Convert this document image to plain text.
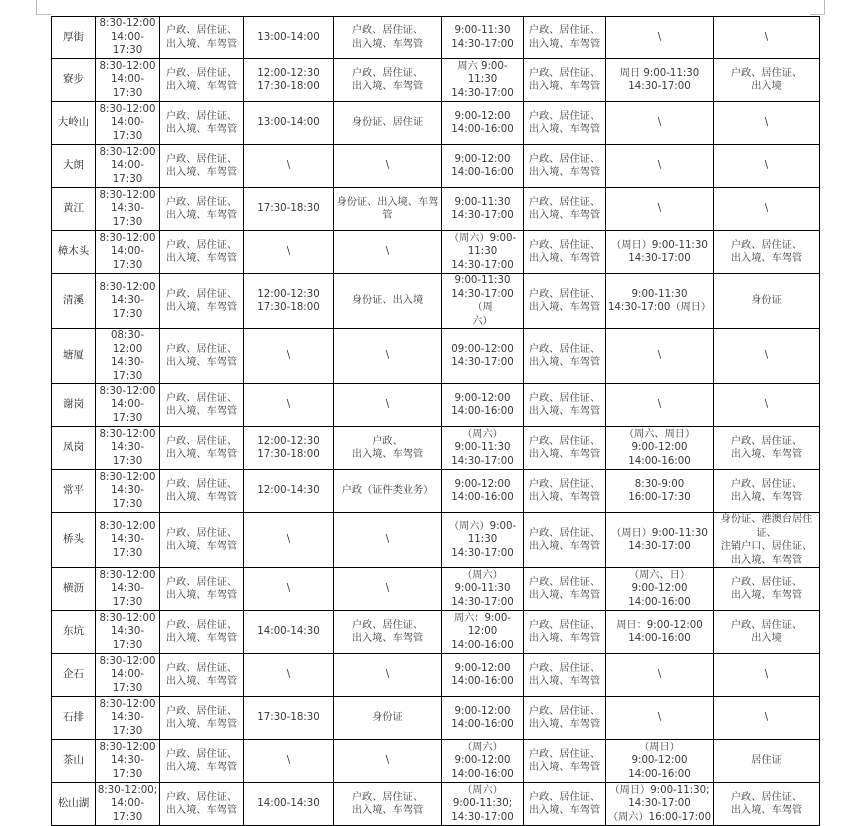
厚街	8:30-12:00
14:00-17:30	户政、居住证、
出入境、车驾管	13:00-14:00	户政、居住证、
出入境、车驾管	9:00-11:30
14:30-17:00	户政、居住证、
出入境、车驾管	\	\
寮步	8:30-12:00
14:00-17:30	户政、居住证、
出入境、车驾管	12:00-12:30
17:30-18:00	户政、居住证、
出入境、车驾管	周六 9:00-11:30
14:30-17:00	户政、居住证、
出入境、车驾管	周日 9:00-11:30
14:30-17:00	户政、居住证、
出入境
大岭山	8:30-12:00
14:00-17:30	户政、居住证、
出入境、车驾管	13:00-14:00	身份证、居住证	9:00-12:00
14:00-16:00	户政、居住证、
出入境、车驾管	\	\
大朗	8:30-12:00
14:00-17:30	户政、居住证、
出入境、车驾管	\	\	9:00-12:00
14:00-16:00	户政、居住证、
出入境、车驾管	\	\
黄江	8:30-12:00
14:30-17:30	户政、居住证、
出入境、车驾管	17:30-18:30	身份证、出入境、车驾管	9:00-11:30
14:30-17:00	户政、居住证、
出入境、车驾管	\	\
樟木头	8:30-12:00
14:00-17:30	户政、居住证、
出入境、车驾管	\	\	（周六）9:00-
11:30
14:30-17:00	户政、居住证、
出入境、车驾管	（周日）9:00-11:30
14:30-17:00	户政、居住证、
出入境、车驾管
清溪	8:30-12:00
14:30-17:30	户政、居住证、
出入境、车驾管	12:00-12:30
17:30-18:00	身份证、出入境	9:00-11:30
14:30-17:00（周
六）	户政、居住证、
出入境、车驾管	9:00-11:30
14:30-17:00（周日）	身份证
塘厦	08:30-12:00
14:30-17:30	户政、居住证、
出入境、车驾管	\	\	09:00-12:00
14:30-17:00	户政、居住证、
出入境、车驾管	\	\
谢岗	8:30-12:00
14:00-17:30	户政、居住证、
出入境、车驾管	\	\	9:00-12:00
14:00-16:00	户政、居住证、
出入境、车驾管	\	\
凤岗	8:30-12:00
14:30-17:30	户政、居住证、
出入境、车驾管	12:00-12:30
17:30-18:00	户政、
出入境、车驾管	（周六）
9:00-11:30
14:30-17:00	户政、居住证、
出入境、车驾管	（周六、周日）
9:00-12:00
14:00-16:00	户政、居住证、
出入境、车驾管
常平	8:30-12:00
14:30-17:30	户政、居住证、
出入境、车驾管	12:00-14:30	户政（证件类业务）	9:00-12:00
14:00-16:00	户政、居住证、
出入境、车驾管	8:30-9:00
16:00-17:30	户政、居住证、
出入境、车驾管
桥头	8:30-12:00
14:30-17:30	户政、居住证、
出入境、车驾管	\	\	（周六）9:00-
11:30
14:30-17:00	户政、居住证、
出入境、车驾管	（周日）9:00-11:30
14:30-17:00	身份证、港澳台居住证、
注销户口、居住证、
出入境、车驾管
横沥	8:30-12:00
14:30-17:30	户政、居住证、
出入境、车驾管	\	\	（周六）
9:00-11:30
14:30-17:00	户政、居住证、
出入境、车驾管	（周六、日）
9:00-12:00
14:00-16:00	户政、居住证、
出入境、车驾管
东坑	8:30-12:00
14:30-17:30	户政、居住证、
出入境、车驾管	14:00-14:30	户政、居住证、
出入境、车驾管	周六：9:00-12:00
14:00-16:00	户政、居住证、
出入境、车驾管	周日：9:00-12:00
14:00-16:00	户政、居住证、
出入境
企石	8:30-12:00
14:00-17:30	户政、居住证、
出入境、车驾管	\	\	9:00-12:00
14:00-16:00	户政、居住证、
出入境、车驾管	\	\
石排	8:30-12:00
14:30-17:30	户政、居住证、
出入境、车驾管	17:30-18:30	身份证	9:00-12:00
14:00-16:00	户政、居住证、
出入境、车驾管	\	\
茶山	8:30-12:00
14:30-17:30	户政、居住证、
出入境、车驾管	\	\	（周六）
9:00-12:00
14:00-16:00	户政、居住证、
出入境、车驾管	（周日）
9:00-12:00
14:00-16:00	居住证
松山湖	8:30-12:00;
14:00-17:30	户政、居住证、
出入境、车驾管	14:00-14:30	户政、居住证、
出入境、车驾管	（周六）
9:00-11:30;
14:30-17:00	户政、居住证、
出入境、车驾管	（周日）9:00-11:30;
14:30-17:00
（周六）16:00-17:00	户政、居住证、
出入境、车驾管
